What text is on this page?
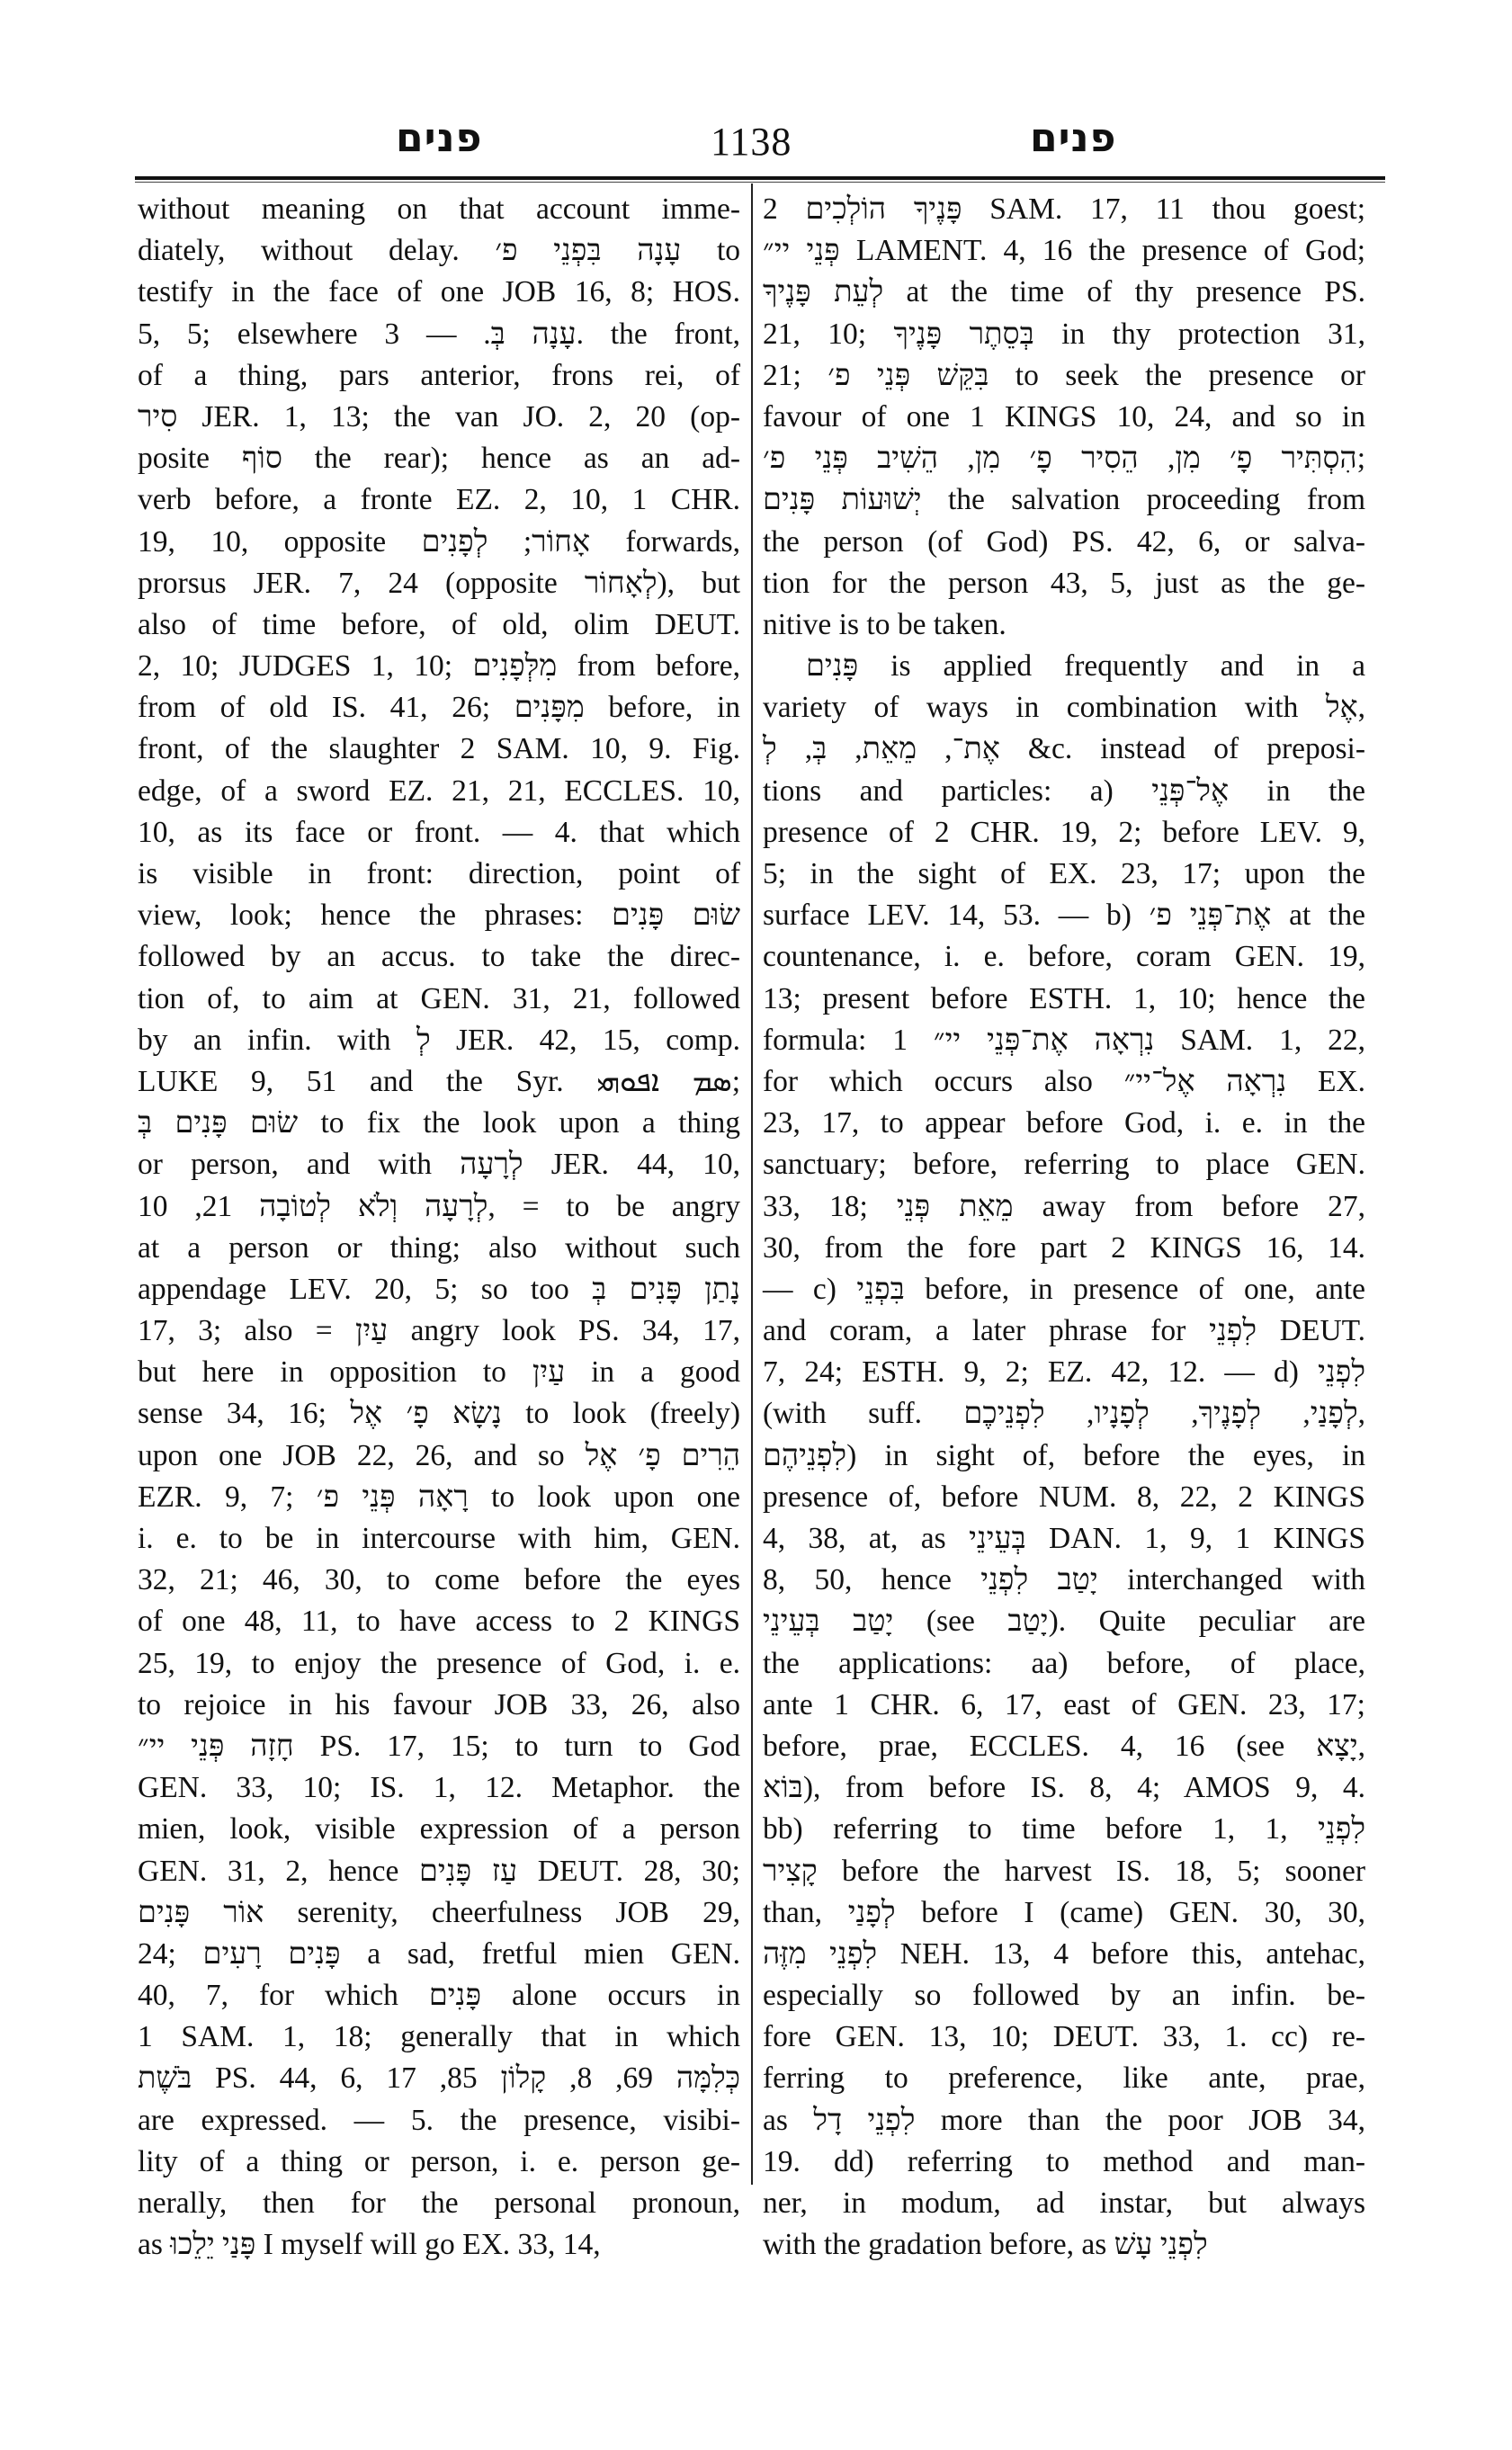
פנים	1138	פנים
without meaning on that account imme-
diately, without delay. עָנָה בִּפְנֵי פ׳ to
testify in the face of one JOB 16, 8; HOS.
5, 5; elsewhere עָנָה בְּ. — 3. the front,
of a thing, pars anterior, frons rei, of
סִיר JER. 1, 13; the van JO. 2, 20 (op-
posite סוֹף the rear); hence as an ad-
verb before, a fronte EZ. 2, 10, 1 CHR.
19, 10, opposite אָחוֹר; לְפָנִים forwards,
prorsus JER. 7, 24 (opposite לְאָחוֹר), but
also of time before, of old, olim DEUT.
2, 10; JUDGES 1, 10; מִלְּפָנִים from before,
from of old IS. 41, 26; מִפָּנִים before, in
front, of the slaughter 2 SAM. 10, 9. Fig.
edge, of a sword EZ. 21, 21, ECCLES. 10,
10, as its face or front. — 4. that which
is visible in front: direction, point of
view, look; hence the phrases: שׂוּם פָּנִים
followed by an accus. to take the direc-
tion of, to aim at GEN. 31, 21, followed
by an infin. with לְ JER. 42, 15, comp.
LUKE 9, 51 and the Syr. ܣܡ ܐܦܘܗܝ;
שׂוּם פָּנִים בְּ to fix the look upon a thing
or person, and with לְרָעָה JER. 44, 10,
לְרָעָה וְלֹא לְטוֹבָה 21, 10, = to be angry
at a person or thing; also without such
appendage LEV. 20, 5; so too נָתַן פָּנִים בְּ
17, 3; also = עַיִן angry look PS. 34, 17,
but here in opposition to עַיִן in a good
sense 34, 16; נָשָׂא פָ׳ אֶל to look (freely)
upon one JOB 22, 26, and so הֵרִים פָ׳ אֶל
EZR. 9, 7; רָאָה פְּנֵי פ׳ to look upon one
i. e. to be in intercourse with him, GEN.
32, 21; 46, 30, to come before the eyes
of one 48, 11, to have access to 2 KINGS
25, 19, to enjoy the presence of God, i. e.
to rejoice in his favour JOB 33, 26, also
חָזָה פְּנֵי יי״ PS. 17, 15; to turn to God
GEN. 33, 10; IS. 1, 12. Metaphor. the
mien, look, visible expression of a person
GEN. 31, 2, hence עַז פָּנִים DEUT. 28, 30;
אוֹר פָּנִים serenity, cheerfulness JOB 29,
24; פָּנִים רָעִים a sad, fretful mien GEN.
40, 7, for which פָּנִים alone occurs in
1 SAM. 1, 18; generally that in which
בֹּשֶׁת PS. 44, 6, כְּלִמָּה 69, 8, קָלוֹן 85, 17
are expressed. — 5. the presence, visibi-
lity of a thing or person, i. e. person ge-
nerally, then for the personal pronoun,
as פָּנַי יֵלֵכוּ I myself will go EX. 33, 14,
פָּנֶיךָ הוֹלְכִים 2 SAM. 17, 11 thou goest;
פְּנֵי יי״ LAMENT. 4, 16 the presence of God;
לְעֵת פָּנֶיךָ at the time of thy presence PS.
21, 10; בְּסֵתֶר פָּנֶיךָ in thy protection 31,
21; בִּקֵּשׁ פְּנֵי פ׳ to seek the presence or
favour of one 1 KINGS 10, 24, and so in
הִסְתִּיר פָ׳ מִן, הֵסִיר פָ׳ מִן, הֵשִׁיב פְּנֵי פ׳;
יְשׁוּעוֹת פָּנִים the salvation proceeding from
the person (of God) PS. 42, 6, or salva-
tion for the person 43, 5, just as the ge-
nitive is to be taken.
פָּנִים is applied frequently and in a
variety of ways in combination with אֶל,
אֶת־, מֵאֵת, בְּ, לְ &c. instead of preposi-
tions and particles: a) אֶל־פְּנֵי in the
presence of 2 CHR. 19, 2; before LEV. 9,
5; in the sight of EX. 23, 17; upon the
surface LEV. 14, 53. — b) אֶת־פְּנֵי פ׳ at the
countenance, i. e. before, coram GEN. 19,
13; present before ESTH. 1, 10; hence the
formula: נִרְאָה אֶת־פְּנֵי יי״ 1 SAM. 1, 22,
for which occurs also נִרְאָה אֶל־יי״ EX.
23, 17, to appear before God, i. e. in the
sanctuary; before, referring to place GEN.
33, 18; מֵאֵת פְּנֵי away from before 27,
30, from the fore part 2 KINGS 16, 14.
— c) בִּפְנֵי before, in presence of one, ante
and coram, a later phrase for לִפְנֵי DEUT.
7, 24; ESTH. 9, 2; EZ. 42, 12. — d) לִפְנֵי
(with suff. לְפָנַי, לְפָנֶיךָ, לְפָנָיו, לִפְנֵיכֶם,
לִפְנֵיהֶם) in sight of, before the eyes, in
presence of, before NUM. 8, 22, 2 KINGS
4, 38, at, as בְּעֵינֵי DAN. 1, 9, 1 KINGS
8, 50, hence יָטַב לִפְנֵי interchanged with
יָטַב בְּעֵינֵי (see יָטַב). Quite peculiar are
the applications: aa) before, of place,
ante 1 CHR. 6, 17, east of GEN. 23, 17;
before, prae, ECCLES. 4, 16 (see יָצָא,
בּוֹא), from before IS. 8, 4; AMOS 9, 4.
bb) referring to time before 1, 1, לִפְנֵי
קָצִיר before the harvest IS. 18, 5; sooner
than, לְפָנַי before I (came) GEN. 30, 30,
לִפְנֵי מִזֶּה NEH. 13, 4 before this, antehac,
especially so followed by an infin. be-
fore GEN. 13, 10; DEUT. 33, 1. cc) re-
ferring to preference, like ante, prae,
as לִפְנֵי דָל more than the poor JOB 34,
19. dd) referring to method and man-
ner, in modum, ad instar, but always
with the gradation before, as לִפְנֵי עָשׁ
